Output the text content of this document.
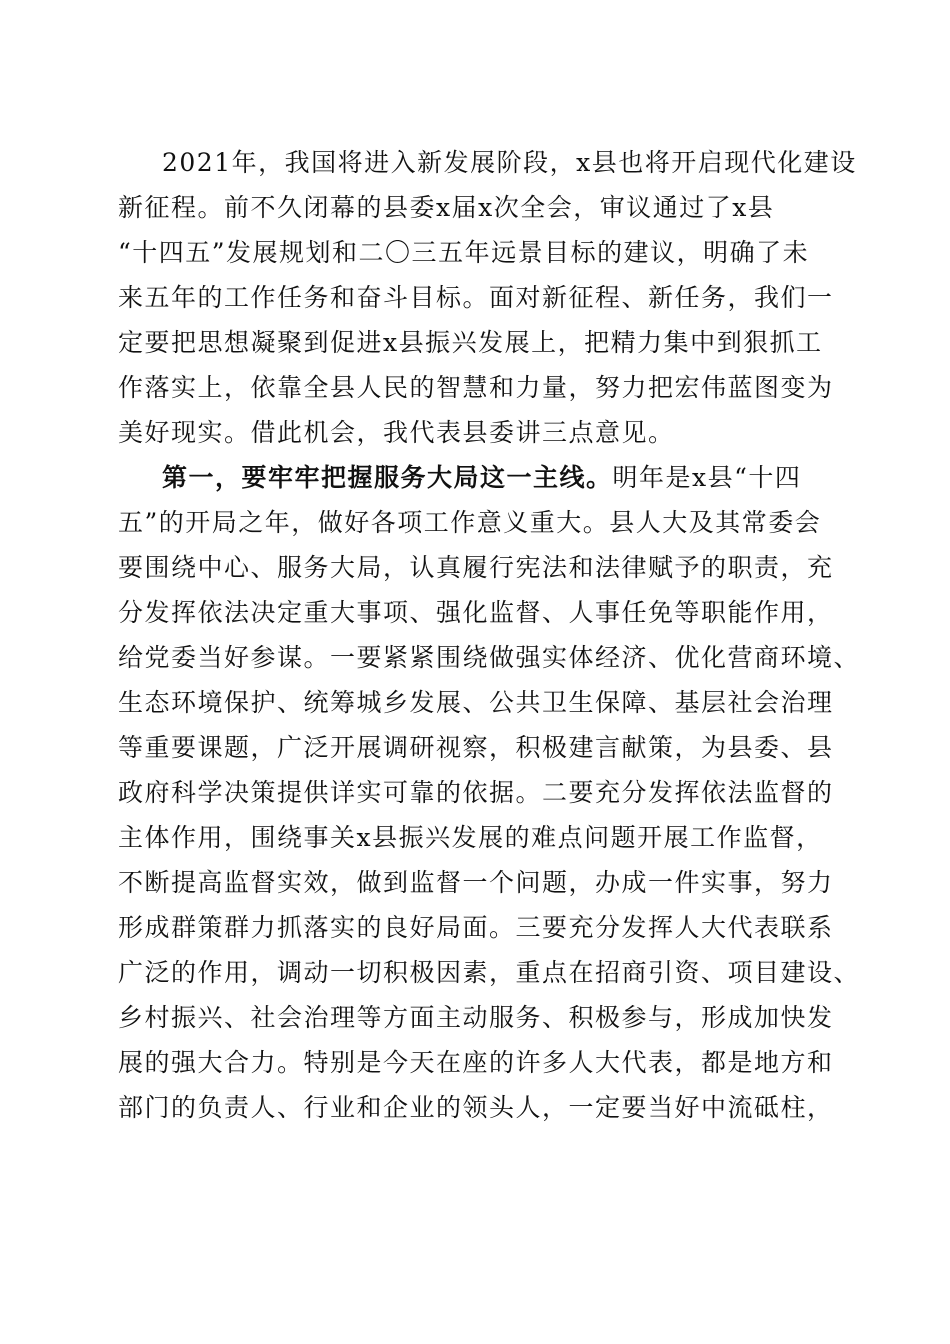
2021年，我国将进入新发展阶段，x县也将开启现代化建设
新征程。前不久闭幕的县委x届x次全会，审议通过了x县
“十四五”发展规划和二〇三五年远景目标的建议，明确了未
来五年的工作任务和奋斗目标。面对新征程、新任务，我们一
定要把思想凝聚到促进x县振兴发展上，把精力集中到狠抓工
作落实上，依靠全县人民的智慧和力量，努力把宏伟蓝图变为
美好现实。借此机会，我代表县委讲三点意见。
第一，要牢牢把握服务大局这一主线。明年是x县“十四
五”的开局之年，做好各项工作意义重大。县人大及其常委会
要围绕中心、服务大局，认真履行宪法和法律赋予的职责，充
分发挥依法决定重大事项、强化监督、人事任免等职能作用，
给党委当好参谋。一要紧紧围绕做强实体经济、优化营商环境、
生态环境保护、统筹城乡发展、公共卫生保障、基层社会治理
等重要课题，广泛开展调研视察，积极建言献策，为县委、县
政府科学决策提供详实可靠的依据。二要充分发挥依法监督的
主体作用，围绕事关x县振兴发展的难点问题开展工作监督，
不断提高监督实效，做到监督一个问题，办成一件实事，努力
形成群策群力抓落实的良好局面。三要充分发挥人大代表联系
广泛的作用，调动一切积极因素，重点在招商引资、项目建设、
乡村振兴、社会治理等方面主动服务、积极参与，形成加快发
展的强大合力。特别是今天在座的许多人大代表，都是地方和
部门的负责人、行业和企业的领头人，一定要当好中流砥柱，
